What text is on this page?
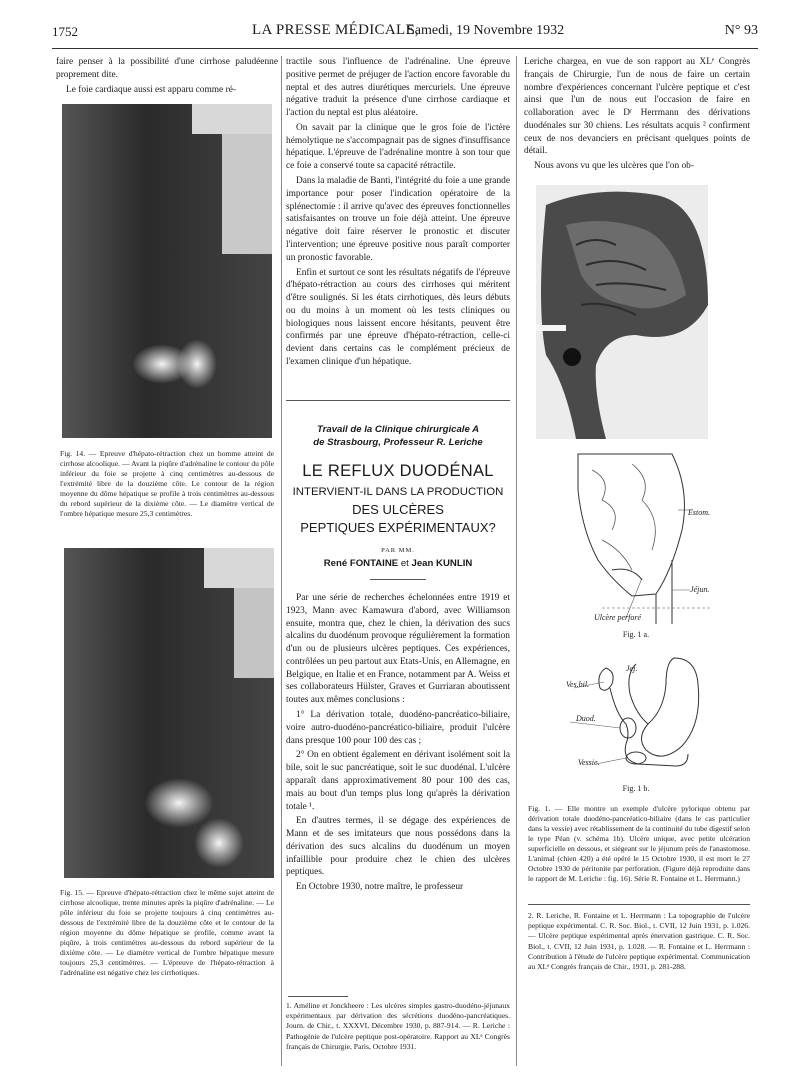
1752	LA PRESSE MÉDICALE,
Samedi, 19 Novembre 1932	N° 93

faire penser à la possibilité d'une cirrhose paludéenne proprement dite.

Le foie cardiaque aussi est apparu comme ré-

Fig. 14. — Epreuve d'hépato-rétraction chez un homme atteint de cirrhose alcoolique. — Avant la piqûre d'adrénaline le contour du pôle inférieur du foie se projette à cinq centimètres au-dessous de l'extrémité libre de la douzième côte. Le contour de la région moyenne du dôme hépatique se profile à trois centimètres au-dessous du rebord supérieur de la dixième côte. — Le diamètre vertical de l'ombre hépatique mesure 25,3 centimètres.
Fig. 15. — Epreuve d'hépato-rétraction chez le même sujet atteint de cirrhose alcoolique, trente minutes après la piqûre d'adrénaline. — Le pôle inférieur du foie se projette toujours à cinq centimètres au-dessous de l'extrémité libre de la douzième côte et le contour de la région moyenne du dôme hépatique se profile, comme avant la piqûre, à trois centimètres au-dessous du rebord supérieur de la dixième côte. — Le diamètre vertical de l'ombre hépatique mesure toujours 25,3 centimètres. — L'épreuve de l'hépato-rétraction à l'adrénaline est négative chez les cirrhotiques.

tractile sous l'influence de l'adrénaline. Une épreuve positive permet de préjuger de l'action encore favorable du neptal et des autres diurétiques mercuriels. Une épreuve négative traduit la présence d'une cirrhose cardiaque et l'action du neptal est plus aléatoire.

On savait par la clinique que le gros foie de l'ictère hémolytique ne s'accompagnait pas de signes d'insuffisance hépatique. L'épreuve de l'adrénaline montre à son tour que ce foie a conservé toute sa capacité rétractile.

Dans la maladie de Banti, l'intégrité du foie a une grande importance pour poser l'indication opératoire de la splénectomie : il arrive qu'avec des épreuves fonctionnelles satisfaisantes on trouve un foie déjà atteint. Une épreuve négative doit faire réserver le pronostic et discuter l'intervention; une épreuve positive nous paraît comporter un pronostic favorable.

Enfin et surtout ce sont les résultats négatifs de l'épreuve d'hépato-rétraction au cours des cirrhoses qui méritent d'être soulignés. Si les états cirrhotiques, dès leurs débuts ou du moins à un moment où les tests cliniques ou biologiques nous laissent encore hésitants, peuvent être confirmés par une épreuve d'hépato-rétraction, celle-ci devient dans certains cas le complément précieux de l'examen clinique d'un hépatique.

Travail de la Clinique chirurgicale A
de Strasbourg, Professeur R. Leriche
LE REFLUX DUODÉNAL
INTERVIENT-IL DANS LA PRODUCTION
DES ULCÈRES
PEPTIQUES EXPÉRIMENTAUX?
PAR MM.
René FONTAINE et Jean KUNLIN

Par une série de recherches échelonnées entre 1919 et 1923, Mann avec Kamawura d'abord, avec Williamson ensuite, montra que, chez le chien, la dérivation des sucs alcalins du duodénum provoque régulièrement la formation d'un ou de plusieurs ulcères peptiques. Ces expériences, contrôlées un peu partout aux Etats-Unis, en Allemagne, en Belgique, en Italie et en France, notamment par A. Weiss et ses collaborateurs Hülster, Graves et Gurriaran aboutissent toutes aux mêmes conclusions :

1° La dérivation totale, duodéno-pancréatico-biliaire, voire autro-duodéno-pancréatico-biliaire, produit l'ulcère dans presque 100 pour 100 des cas ;

2° On en obtient également en dérivant isolément soit la bile, soit le suc pancréatique, soit le suc duodénal. L'ulcère apparaît dans approximativement 80 pour 100 des cas, mais au bout d'un temps plus long qu'après la dérivation totale ¹.

En d'autres termes, il se dégage des expériences de Mann et de ses imitateurs que nous possédons dans la dérivation des sucs alcalins du duodénum un moyen infaillible pour produire chez le chien des ulcères peptiques.

En Octobre 1930, notre maître, le professeur

1. Améline et Jonckheere : Les ulcères simples gastro-duodéno-jéjunaux expérimentaux par dérivation des sécrétions duodéno-pancréatiques. Journ. de Chir., t. XXXVI, Décembre 1930, p. 887-914. — R. Leriche : Pathogénie de l'ulcère peptique post-opératoire. Rapport au XLᵉ Congrès français de Chirurgie, Paris, Octobre 1931.

Leriche chargea, en vue de son rapport au XLᵉ Congrès français de Chirurgie, l'un de nous de faire un certain nombre d'expériences concernant l'ulcère peptique et c'est ainsi que l'un de nous eut l'occasion de faire en collaboration avec le Dʳ Herrmann des dérivations duodénales sur 30 chiens. Les résultats acquis ² confirment ceux de nos devanciers en précisant quelques points de détail.

Nous avons vu que les ulcères que l'on ob-

Estom.
Jéjun.
Ulcère perforé
Fig. 1 a.
Ves.bil.
Jej.
Duod.
Vessie.
Fig. 1 b.
Fig. 1. — Elle montre un exemple d'ulcère pylorique obtenu par dérivation totale duodéno-pancréatico-biliaire (dans le cas particulier dans la vessie) avec rétablissement de la continuité du tube digestif selon le type Péan (v. schéma 1b). Ulcère unique, avec petite ulcération superficielle en dessous, et siégeant sur le jéjunum près de l'anastomose. L'animal (chien 420) a été opéré le 15 Octobre 1930, il est mort le 27 Octobre 1930 de péritonite par perforation. (Figure déjà reproduite dans le rapport de M. Leriche : fig. 16). Série R. Fontaine et L. Herrmann.)
2. R. Leriche, R. Fontaine et L. Herrmann : La topographie de l'ulcère peptique expérimental. C. R. Soc. Biol., t. CVII, 12 Juin 1931, p. 1.026. — Ulcère peptique expérimental après énervation gastrique. C. R. Soc. Biol., t. CVII, 12 Juin 1931, p. 1.028. — R. Fontaine et L. Herrmann : Contribution à l'étude de l'ulcère peptique expérimental. Communication au XLᵉ Congrès français de Chir., 1931, p. 281-288.
